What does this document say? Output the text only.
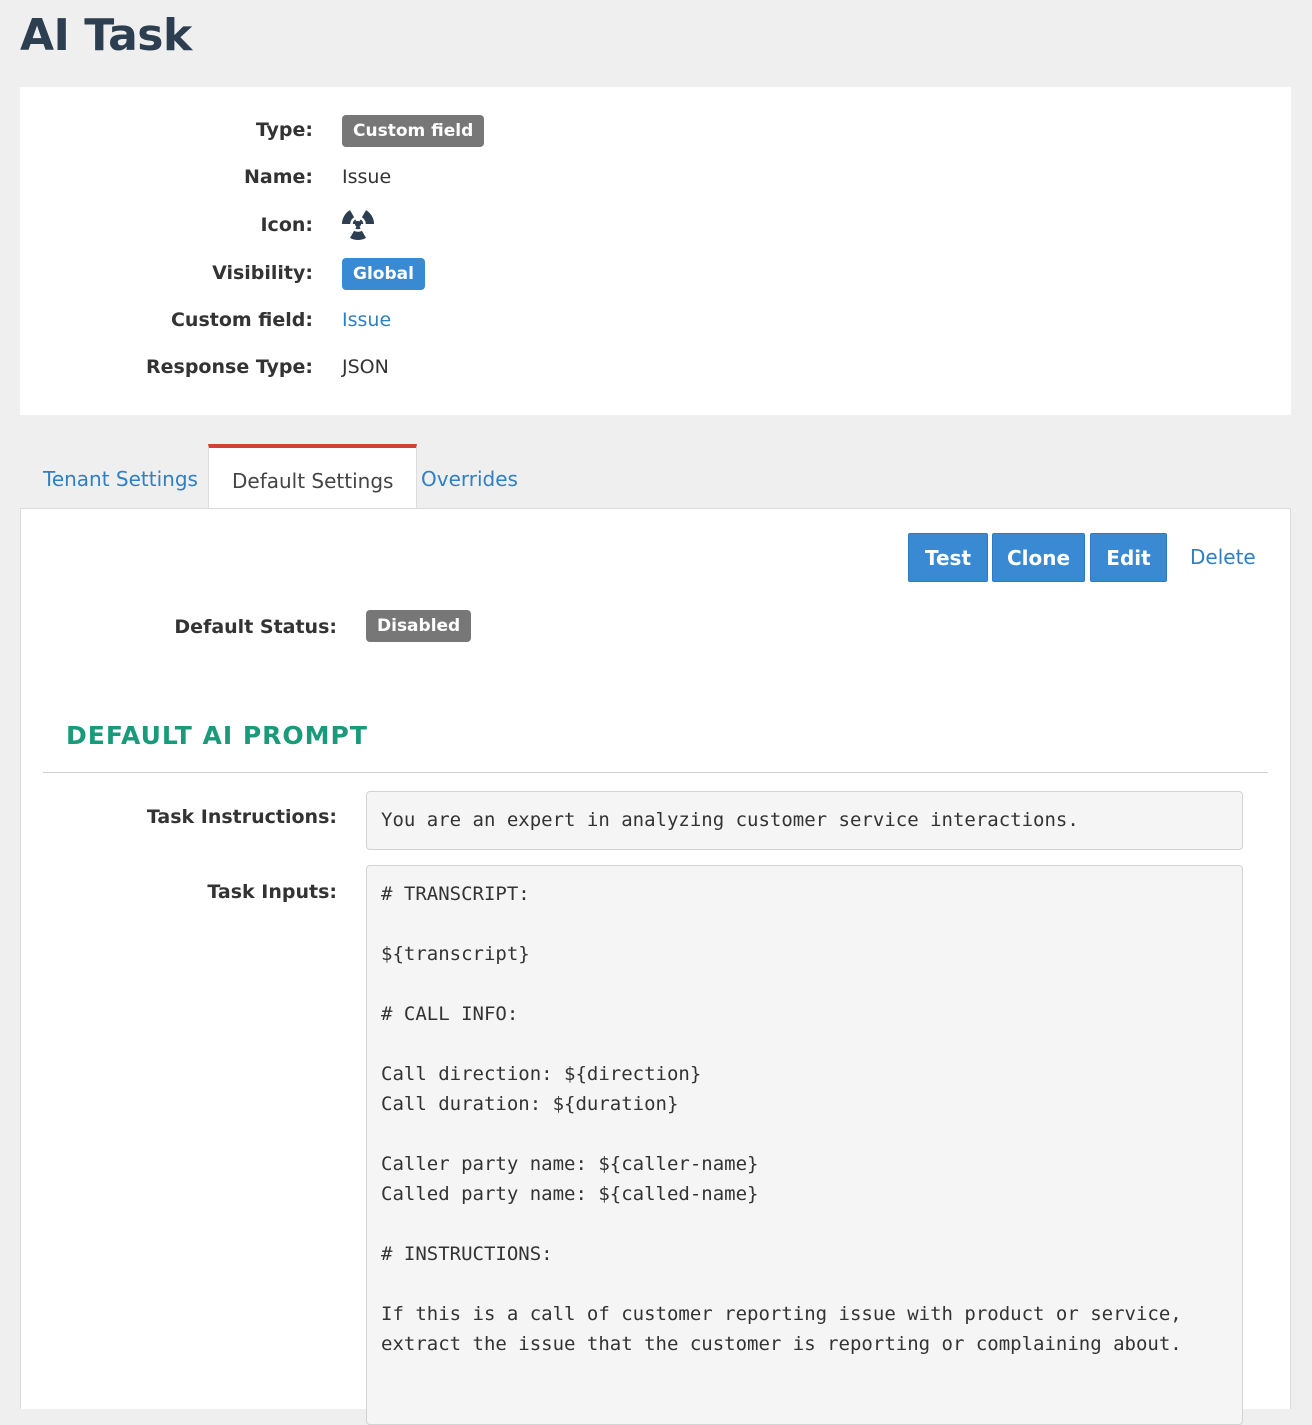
AI Task
Type:	Custom field
Name: Issue
Icon:
Visibility:	Global
Custom field: Issue
Response Type: JSON
Tenant Settings	Default Settings	Overrides
Test	Clone	Edit	Delete
Default Status:	Disabled
DEFAULT AI PROMPT
Task Instructions:	You are an expert in analyzing customer service interactions.
Task Inputs:	# TRANSCRIPT:

${transcript}

# CALL INFO:

Call direction: ${direction}
Call duration: ${duration}

Caller party name: ${caller-name}
Called party name: ${called-name}

# INSTRUCTIONS:

If this is a call of customer reporting issue with product or service,
extract the issue that the customer is reporting or complaining about.
